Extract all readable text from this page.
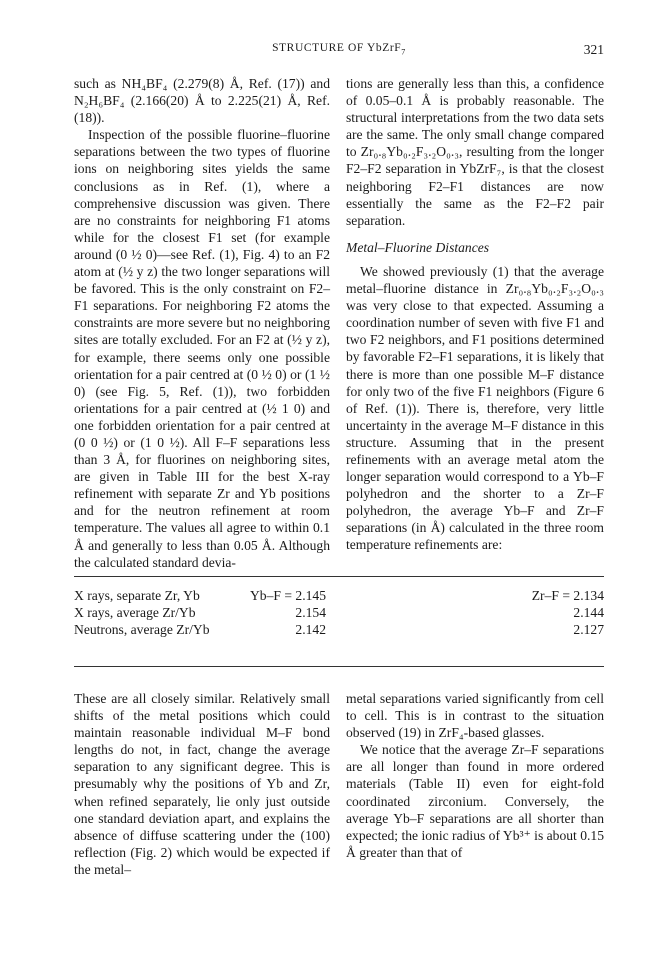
STRUCTURE OF YbZrF$_7$	321

such as NH₄BF₄ (2.279(8) Å, Ref. (17)) and N₂H₆BF₄ (2.166(20) Å to 2.225(21) Å, Ref. (18)).

Inspection of the possible fluorine–fluorine separations between the two types of fluorine ions on neighboring sites yields the same conclusions as in Ref. (1), where a comprehensive discussion was given. There are no constraints for neighboring F1 atoms while for the closest F1 set (for example around (0 ½ 0)—see Ref. (1), Fig. 4) to an F2 atom at (½ y z) the two longer separations will be favored. This is the only constraint on F2–F1 separations. For neighboring F2 atoms the constraints are more severe but no neighboring sites are totally excluded. For an F2 at (½ y z), for example, there seems only one possible orientation for a pair centred at (0 ½ 0) or (1 ½ 0) (see Fig. 5, Ref. (1)), two forbidden orientations for a pair centred at (½ 1 0) and one forbidden orientation for a pair centred at (0 0 ½) or (1 0 ½). All F–F separations less than 3 Å, for fluorines on neighboring sites, are given in Table III for the best X-ray refinement with separate Zr and Yb positions and for the neutron refinement at room temperature. The values all agree to within 0.1 Å and generally to less than 0.05 Å. Although the calculated standard devia-

tions are generally less than this, a confidence of 0.05–0.1 Å is probably reasonable. The structural interpretations from the two data sets are the same. The only small change compared to Zr₀.₈Yb₀.₂F₃.₂O₀.₃, resulting from the longer F2–F2 separation in YbZrF₇, is that the closest neighboring F2–F1 distances are now essentially the same as the F2–F2 pair separation.

Metal–Fluorine Distances

We showed previously (1) that the average metal–fluorine distance in Zr₀.₈Yb₀.₂F₃.₂O₀.₃ was very close to that expected. Assuming a coordination number of seven with five F1 and two F2 neighbors, and F1 positions determined by favorable F2–F1 separations, it is likely that there is more than one possible M–F distance for only two of the five F1 neighbors (Figure 6 of Ref. (1)). There is, therefore, very little uncertainty in the average M–F distance in this structure. Assuming that in the present refinements with an average metal atom the longer separation would correspond to a Yb–F polyhedron and the shorter to a Zr–F polyhedron, the average Yb–F and Zr–F separations (in Å) calculated in the three room temperature refinements are:

X rays, separate Zr, Yb	Yb–F = 2.145	Zr–F = 2.134
X rays, average Zr/Yb	2.154	2.144
Neutrons, average Zr/Yb	2.142	2.127

These are all closely similar. Relatively small shifts of the metal positions which could maintain reasonable individual M–F bond lengths do not, in fact, change the average separation to any significant degree. This is presumably why the positions of Yb and Zr, when refined separately, lie only just outside one standard deviation apart, and explains the absence of diffuse scattering under the (100) reflection (Fig. 2) which would be expected if the metal–

metal separations varied significantly from cell to cell. This is in contrast to the situation observed (19) in ZrF₄-based glasses.

We notice that the average Zr–F separations are all longer than found in more ordered materials (Table II) even for eight-fold coordinated zirconium. Conversely, the average Yb–F separations are all shorter than expected; the ionic radius of Yb³⁺ is about 0.15 Å greater than that of
